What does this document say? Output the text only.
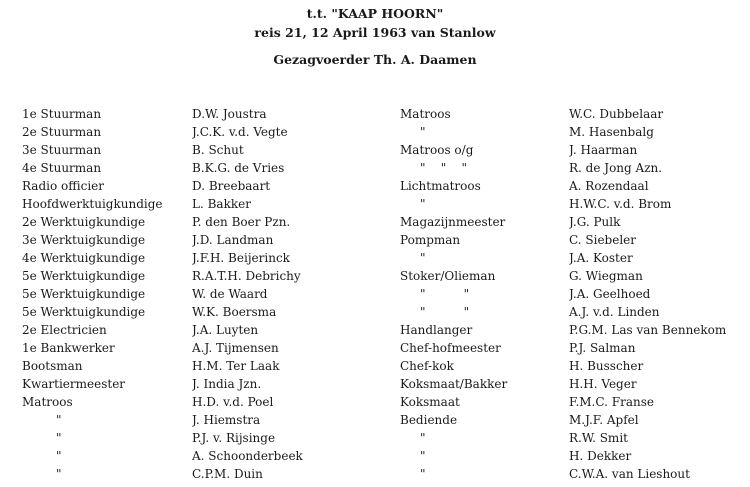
t.t. "KAAP HOORN"
reis 21, 12 April 1963 van Stanlow
Gezagvoerder Th. A. Daamen
1e Stuurman	D.W. Joustra	Matroos	W.C. Dubbelaar
2e Stuurman	J.C.K. v.d. Vegte	"	M. Hasenbalg
3e Stuurman	B. Schut	Matroos o/g	J. Haarman
4e Stuurman	B.K.G. de Vries	"    "    "	R. de Jong Azn.
Radio officier	D. Breebaart	Lichtmatroos	A. Rozendaal
Hoofdwerktuigkundige	L. Bakker	"	H.W.C. v.d. Brom
2e Werktuigkundige	P. den Boer Pzn.	Magazijnmeester	J.G. Pulk
3e Werktuigkundige	J.D. Landman	Pompman	C. Siebeler
4e Werktuigkundige	J.F.H. Beijerinck	"	J.A. Koster
5e Werktuigkundige	R.A.T.H. Debrichy	Stoker/Olieman	G. Wiegman
5e Werktuigkundige	W. de Waard	"          "	J.A. Geelhoed
5e Werktuigkundige	W.K. Boersma	"          "	A.J. v.d. Linden
2e Electricien	J.A. Luyten	Handlanger	P.G.M. Las van Bennekom
1e Bankwerker	A.J. Tijmensen	Chef-hofmeester	P.J. Salman
Bootsman	H.M. Ter Laak	Chef-kok	H. Busscher
Kwartiermeester	J. India Jzn.	Koksmaat/Bakker	H.H. Veger
Matroos	H.D. v.d. Poel	Koksmaat	F.M.C. Franse
"	J. Hiemstra	Bediende	M.J.F. Apfel
"	P.J. v. Rijsinge	"	R.W. Smit
"	A. Schoonderbeek	"	H. Dekker
"	C.P.M. Duin	"	C.W.A. van Lieshout
